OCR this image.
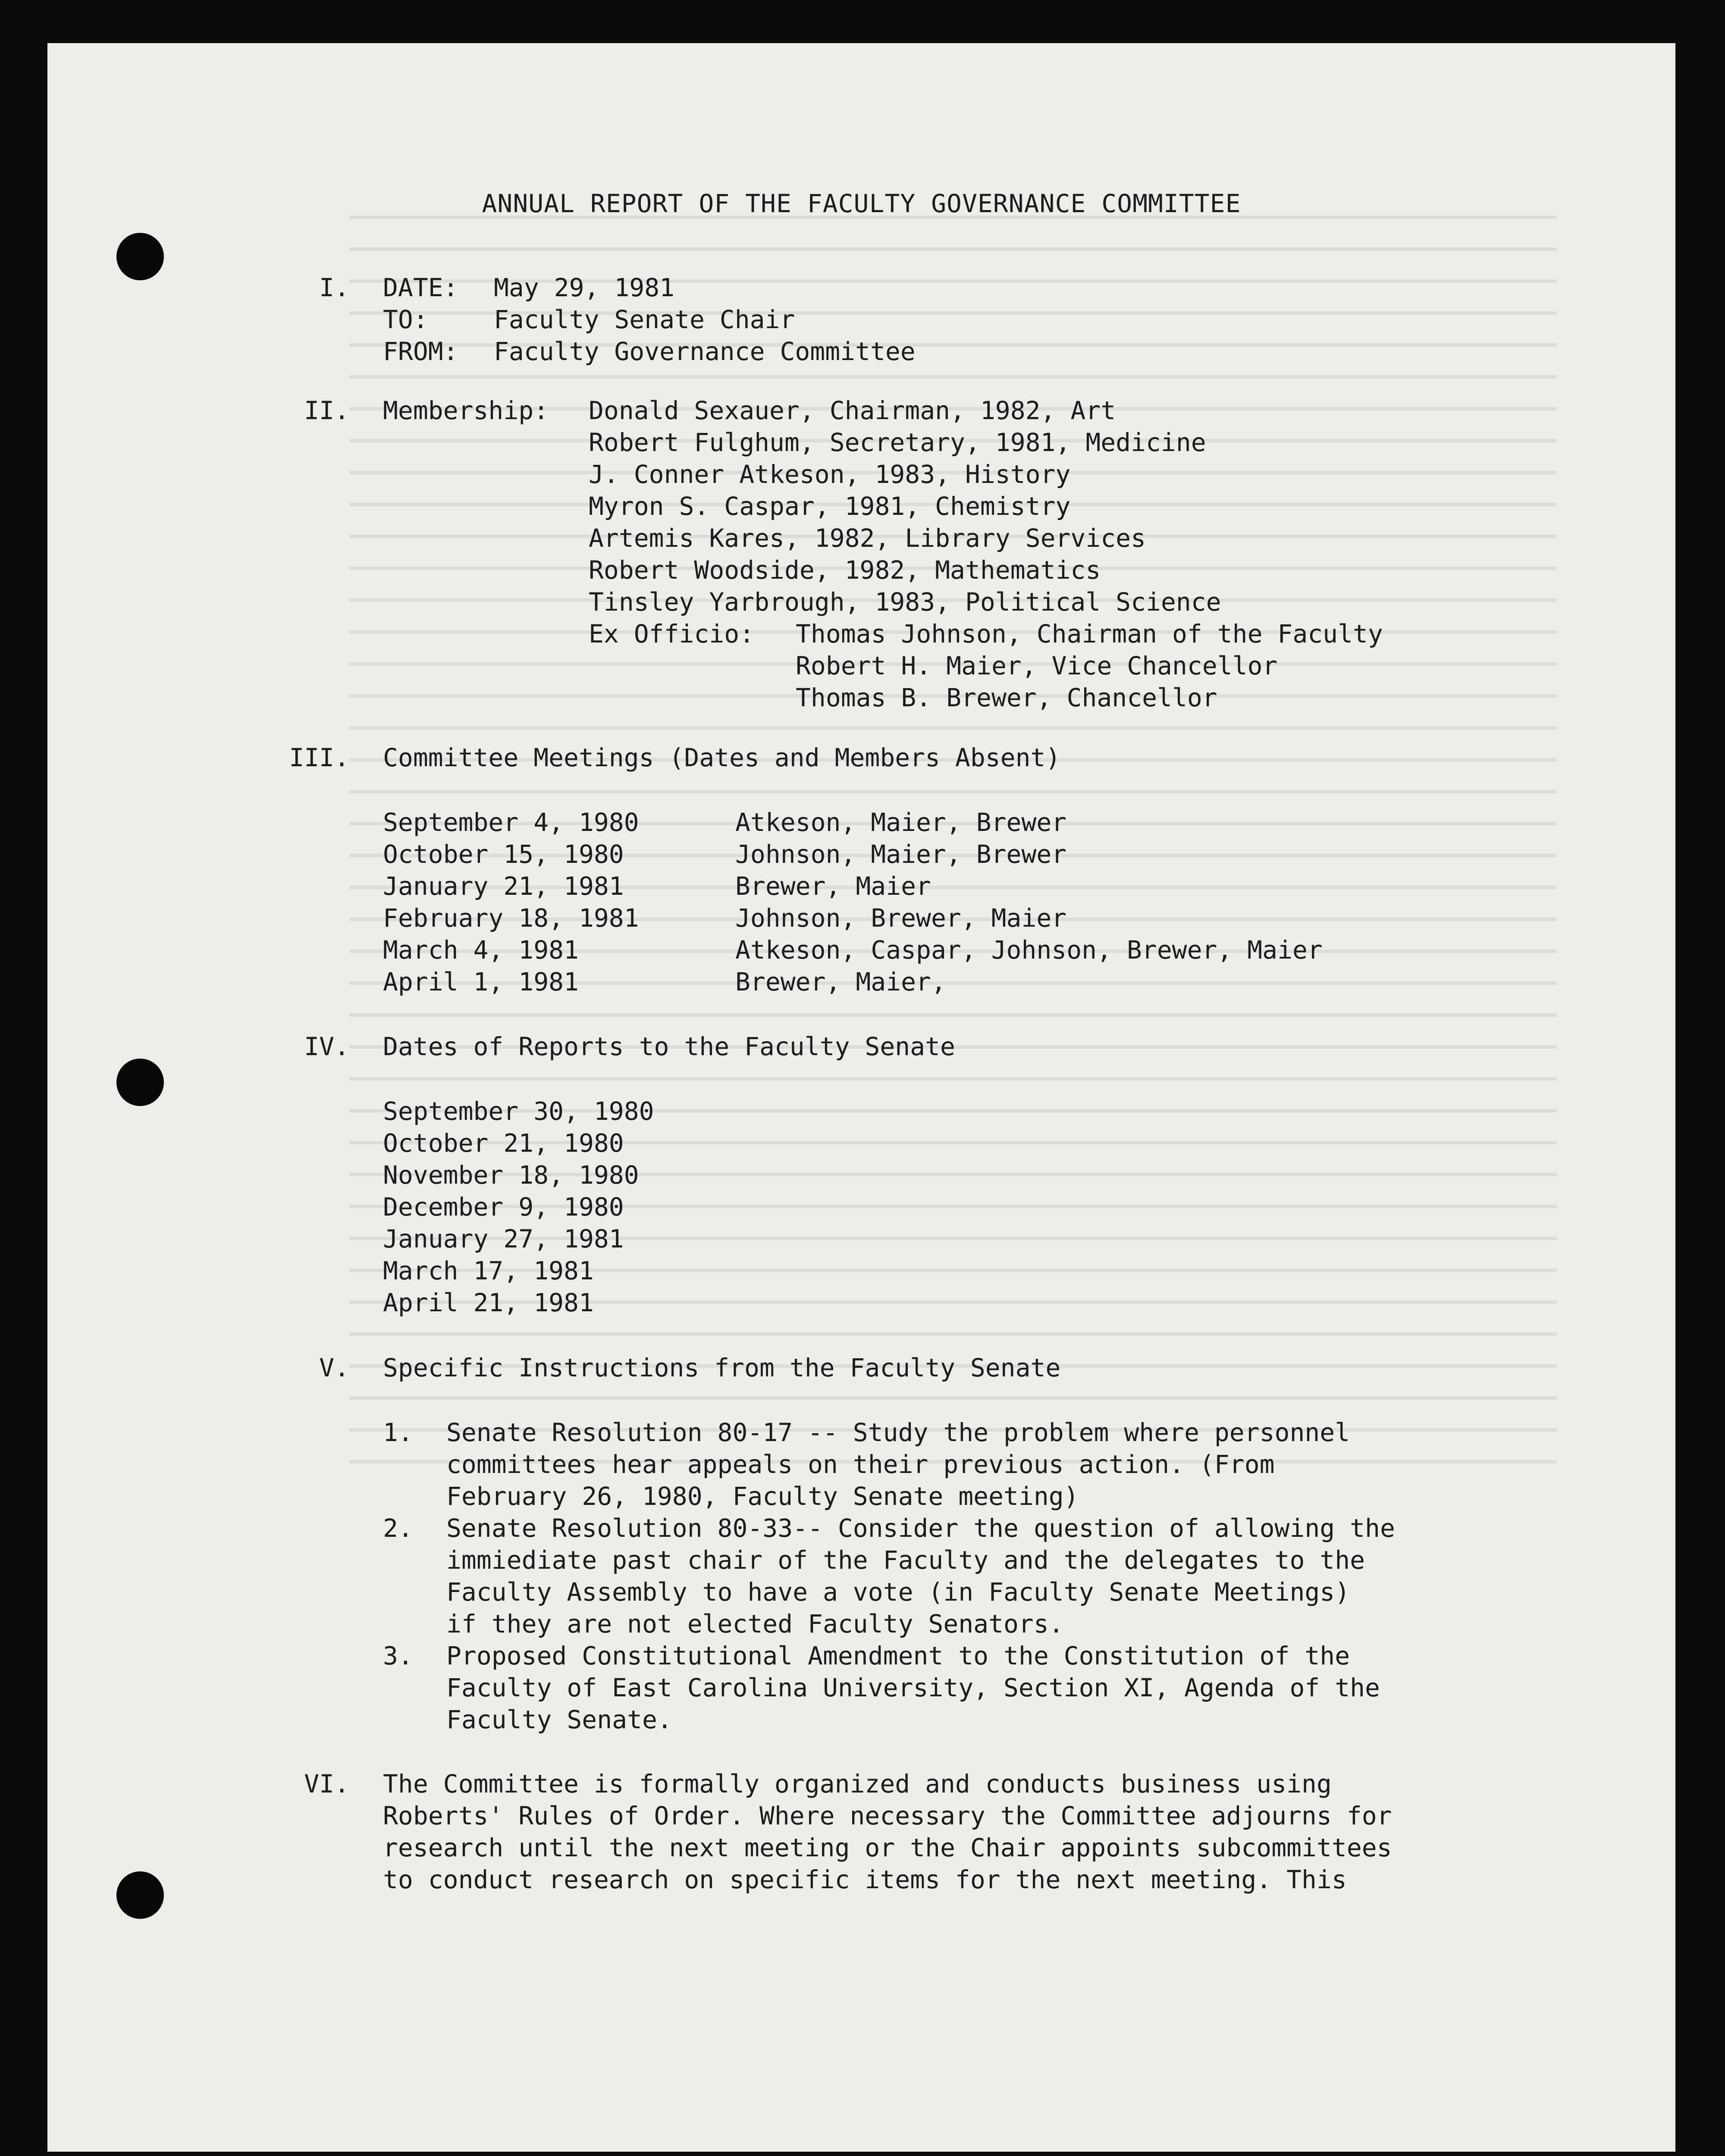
ANNUAL REPORT OF THE FACULTY GOVERNANCE COMMITTEE
I. DATE: May 29, 1981
TO:	Faculty Senate Chair
FROM: Faculty Governance Committee
II. Membership: Donald Sexauer, Chairman, 1982, Art
Robert Fulghum, Secretary, 1981, Medicine
J. Conner Atkeson, 1983, History
Myron S. Caspar, 1981, Chemistry
Artemis Kares, 1982, Library Services
Robert Woodside, 1982, Mathematics
Tinsley Yarbrough, 1983, Political Science
Ex Officio: Thomas Johnson, Chairman of the Faculty
Robert H. Maier, Vice Chancellor
Thomas B. Brewer, Chancellor
III. Committee Meetings (Dates and Members Absent)
September 4, 1980	Atkeson, Maier, Brewer
October 15, 1980	Johnson, Maier, Brewer
January 21, 1981	Brewer, Maier
February 18, 1981	Johnson, Brewer, Maier
March 4, 1981	Atkeson, Caspar, Johnson, Brewer, Maier
April 1, 1981	Brewer, Maier,
IV. Dates of Reports to the Faculty Senate
September 30, 1980
October 21, 1980
November 18, 1980
December 9, 1980
January 27, 1981
March 17, 1981
April 21, 1981
V. Specific Instructions from the Faculty Senate
1. Senate Resolution 80-17 -- Study the problem where personnel
committees hear appeals on their previous action. (From
February 26, 1980, Faculty Senate meeting)
2. Senate Resolution 80-33-- Consider the question of allowing the
immiediate past chair of the Faculty and the delegates to the
Faculty Assembly to have a vote (in Faculty Senate Meetings)
if they are not elected Faculty Senators.
3. Proposed Constitutional Amendment to the Constitution of the
Faculty of East Carolina University, Section XI, Agenda of the
Faculty Senate.
VI. The Committee is formally organized and conducts business using
Roberts' Rules of Order. Where necessary the Committee adjourns for
research until the next meeting or the Chair appoints subcommittees
to conduct research on specific items for the next meeting. This
